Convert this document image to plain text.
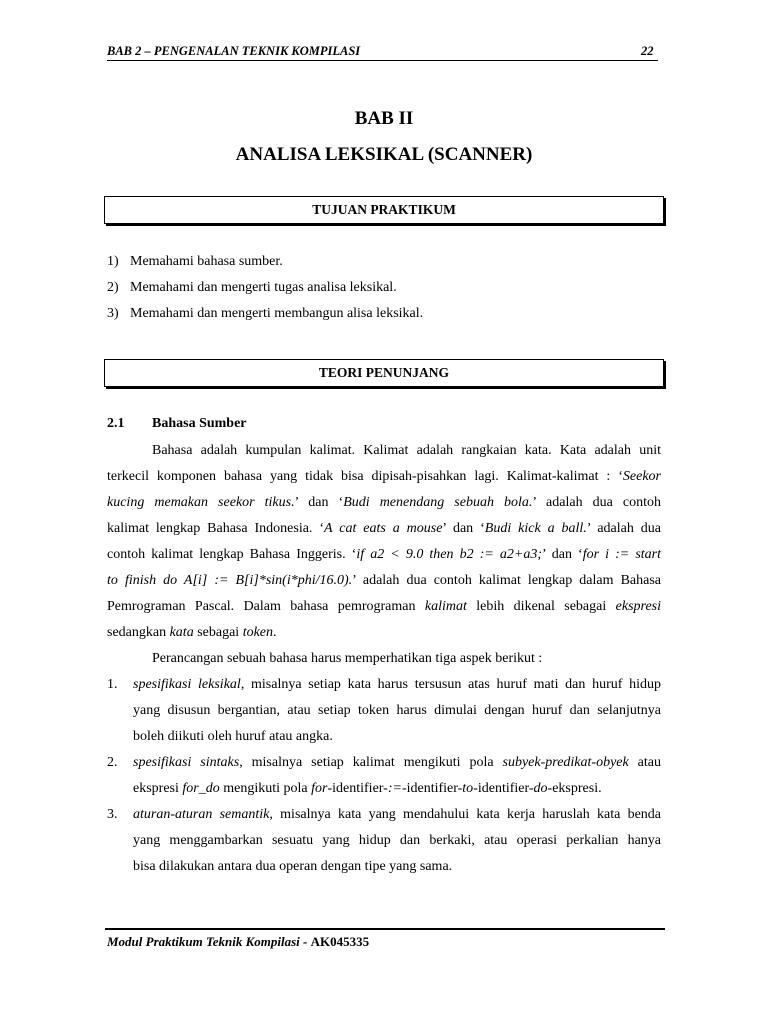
BAB 2 – PENGENALAN TEKNIK KOMPILASI	22
BAB II
ANALISA LEKSIKAL (SCANNER)
TUJUAN PRAKTIKUM
1) Memahami bahasa sumber.
2) Memahami dan mengerti tugas analisa leksikal.
3) Memahami dan mengerti membangun alisa leksikal.
TEORI PENUNJANG
2.1 Bahasa Sumber
Bahasa adalah kumpulan kalimat. Kalimat adalah rangkaian kata. Kata adalah unit
terkecil komponen bahasa yang tidak bisa dipisah-pisahkan lagi. Kalimat-kalimat : ‘Seekor
kucing memakan seekor tikus.’ dan ‘Budi menendang sebuah bola.’ adalah dua contoh
kalimat lengkap Bahasa Indonesia. ‘A cat eats a mouse’ dan ‘Budi kick a ball.’ adalah dua
contoh kalimat lengkap Bahasa Inggeris. ‘if a2 < 9.0 then b2 := a2+a3;’ dan ‘for i := start
to finish do A[i] := B[i]*sin(i*phi/16.0).’ adalah dua contoh kalimat lengkap dalam Bahasa
Pemrograman Pascal. Dalam bahasa pemrograman kalimat lebih dikenal sebagai ekspresi
sedangkan kata sebagai token.
Perancangan sebuah bahasa harus memperhatikan tiga aspek berikut :
1. spesifikasi leksikal, misalnya setiap kata harus tersusun atas huruf mati dan huruf hidup
yang disusun bergantian, atau setiap token harus dimulai dengan huruf dan selanjutnya
boleh diikuti oleh huruf atau angka.
2. spesifikasi sintaks, misalnya setiap kalimat mengikuti pola subyek-predikat-obyek atau
ekspresi for_do mengikuti pola for-identifier-:=-identifier-to-identifier-do-ekspresi.
3. aturan-aturan semantik, misalnya kata yang mendahului kata kerja haruslah kata benda
yang menggambarkan sesuatu yang hidup dan berkaki, atau operasi perkalian hanya
bisa dilakukan antara dua operan dengan tipe yang sama.
Modul Praktikum Teknik Kompilasi - AK045335
